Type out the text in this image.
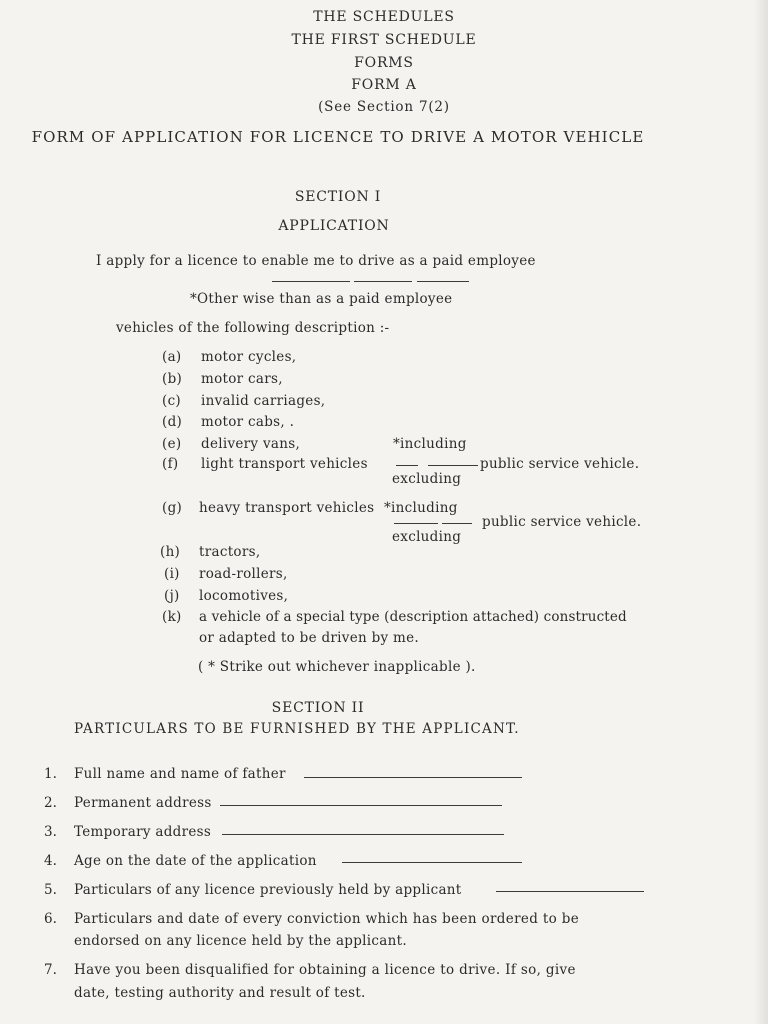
THE SCHEDULES
THE FIRST SCHEDULE
FORMS
FORM A
(See Section 7(2)
FORM OF APPLICATION FOR LICENCE TO DRIVE A MOTOR VEHICLE
SECTION I
APPLICATION
I apply for a licence to enable me to drive as a paid employee
*Other wise than as a paid employee
vehicles of the following description :-
(a) motor cycles,
(b) motor cars,
(c) invalid carriages,
(d) motor cabs, .
(e) delivery vans,	*including
(f) light transport vehicles	public service vehicle.
excluding
(g) heavy transport vehicles *including
public service vehicle.
excluding
(h) tractors,
(i) road-rollers,
(j) locomotives,
(k) a vehicle of a special type (description attached) constructed
or adapted to be driven by me.
( * Strike out whichever inapplicable ).
SECTION II
PARTICULARS TO BE FURNISHED BY THE APPLICANT.
1. Full name and name of father
2. Permanent address
3. Temporary address
4. Age on the date of the application
5. Particulars of any licence previously held by applicant
6. Particulars and date of every conviction which has been ordered to be
endorsed on any licence held by the applicant.
7. Have you been disqualified for obtaining a licence to drive. If so, give
date, testing authority and result of test.
